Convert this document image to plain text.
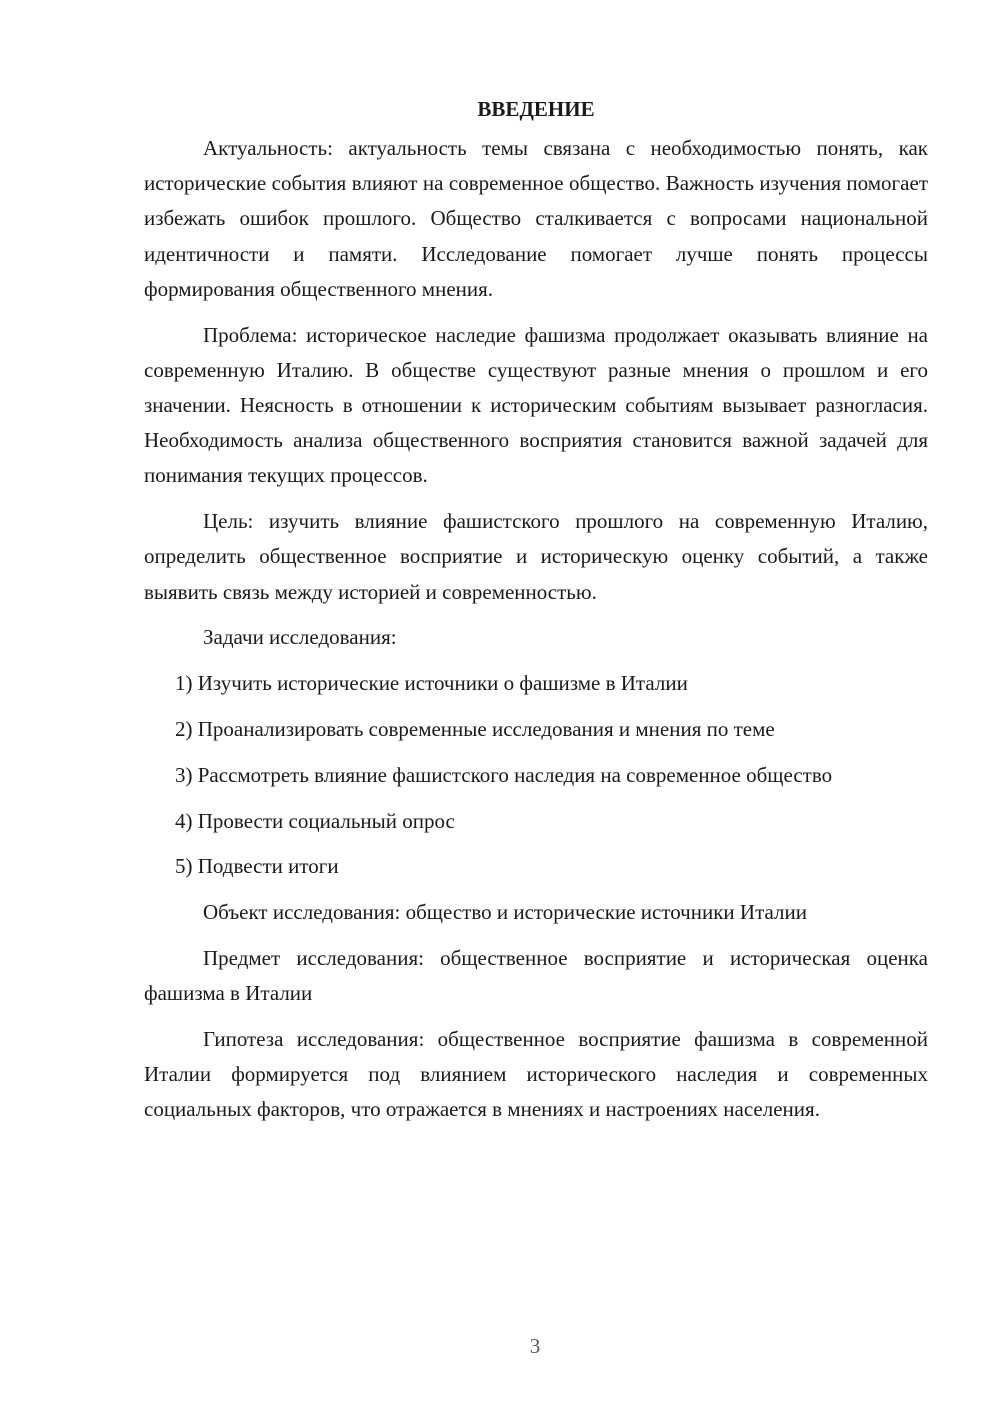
ВВЕДЕНИЕ

Актуальность: актуальность темы связана с необходимостью понять, как исторические события влияют на современное общество. Важность изучения помогает избежать ошибок прошлого. Общество сталкивается с вопросами национальной идентичности и памяти. Исследование помогает лучше понять процессы формирования общественного мнения.

Проблема: историческое наследие фашизма продолжает оказывать влияние на современную Италию. В обществе существуют разные мнения о прошлом и его значении. Неясность в отношении к историческим событиям вызывает разногласия. Необходимость анализа общественного восприятия становится важной задачей для понимания текущих процессов.

Цель: изучить влияние фашистского прошлого на современную Италию, определить общественное восприятие и историческую оценку событий, а также выявить связь между историей и современностью.

Задачи исследования:

1) Изучить исторические источники о фашизме в Италии

2) Проанализировать современные исследования и мнения по теме

3) Рассмотреть влияние фашистского наследия на современное общество

4) Провести социальный опрос

5) Подвести итоги

Объект исследования: общество и исторические источники Италии

Предмет исследования: общественное восприятие и историческая оценка фашизма в Италии

Гипотеза исследования: общественное восприятие фашизма в современной Италии формируется под влиянием исторического наследия и современных социальных факторов, что отражается в мнениях и настроениях населения.

3
